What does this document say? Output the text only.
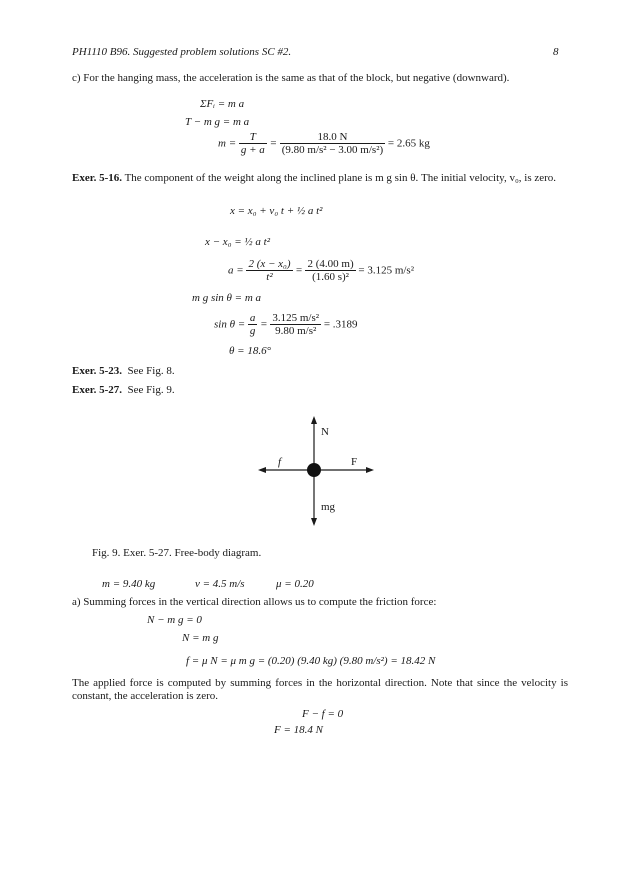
PH1110 B96. Suggested problem solutions SC #2.	8
c) For the hanging mass, the acceleration is the same as that of the block, but negative (downward).
ΣFᵢ = m a
T − m g = m a
$m = \frac{T}{g + a} = \frac{18.0 N}{\text{(9.80 m/s² − 3.00 m/s²)}} = 2.65$ kg
Exer. 5-16. The component of the weight along the inclined plane is m g sin θ. The initial velocity, v₀, is zero.
x = x₀ + v₀ t + ½ a t²
x − x₀ = ½ a t²
$a = \frac{\text{2 (x − x₀)}}{\text{t²}} = \frac{2 (4.00 m)}{\text{(1.60 s)²}} = 3.125$ m/s²
m g sin θ = m a
$\sin \theta = \frac{a}{g} = \frac{\text{3.125 m/s²}}{\text{9.80 m/s²}} = .3189$
θ = 18.6°
Exer. 5-23. See Fig. 8.
Exer. 5-27. See Fig. 9.
N
f	F
mg
Fig. 9. Exer. 5-27. Free-body diagram.
m = 9.40 kg	v = 4.5 m/s	μ = 0.20
a) Summing forces in the vertical direction allows us to compute the friction force:
N − m g = 0
N = m g
f = μ N = μ m g = (0.20) (9.40 kg) (9.80 m/s²) = 18.42 N
The applied force is computed by summing forces in the horizontal direction. Note that since the velocity is constant, the acceleration is zero.
F − f = 0
F = 18.4 N
